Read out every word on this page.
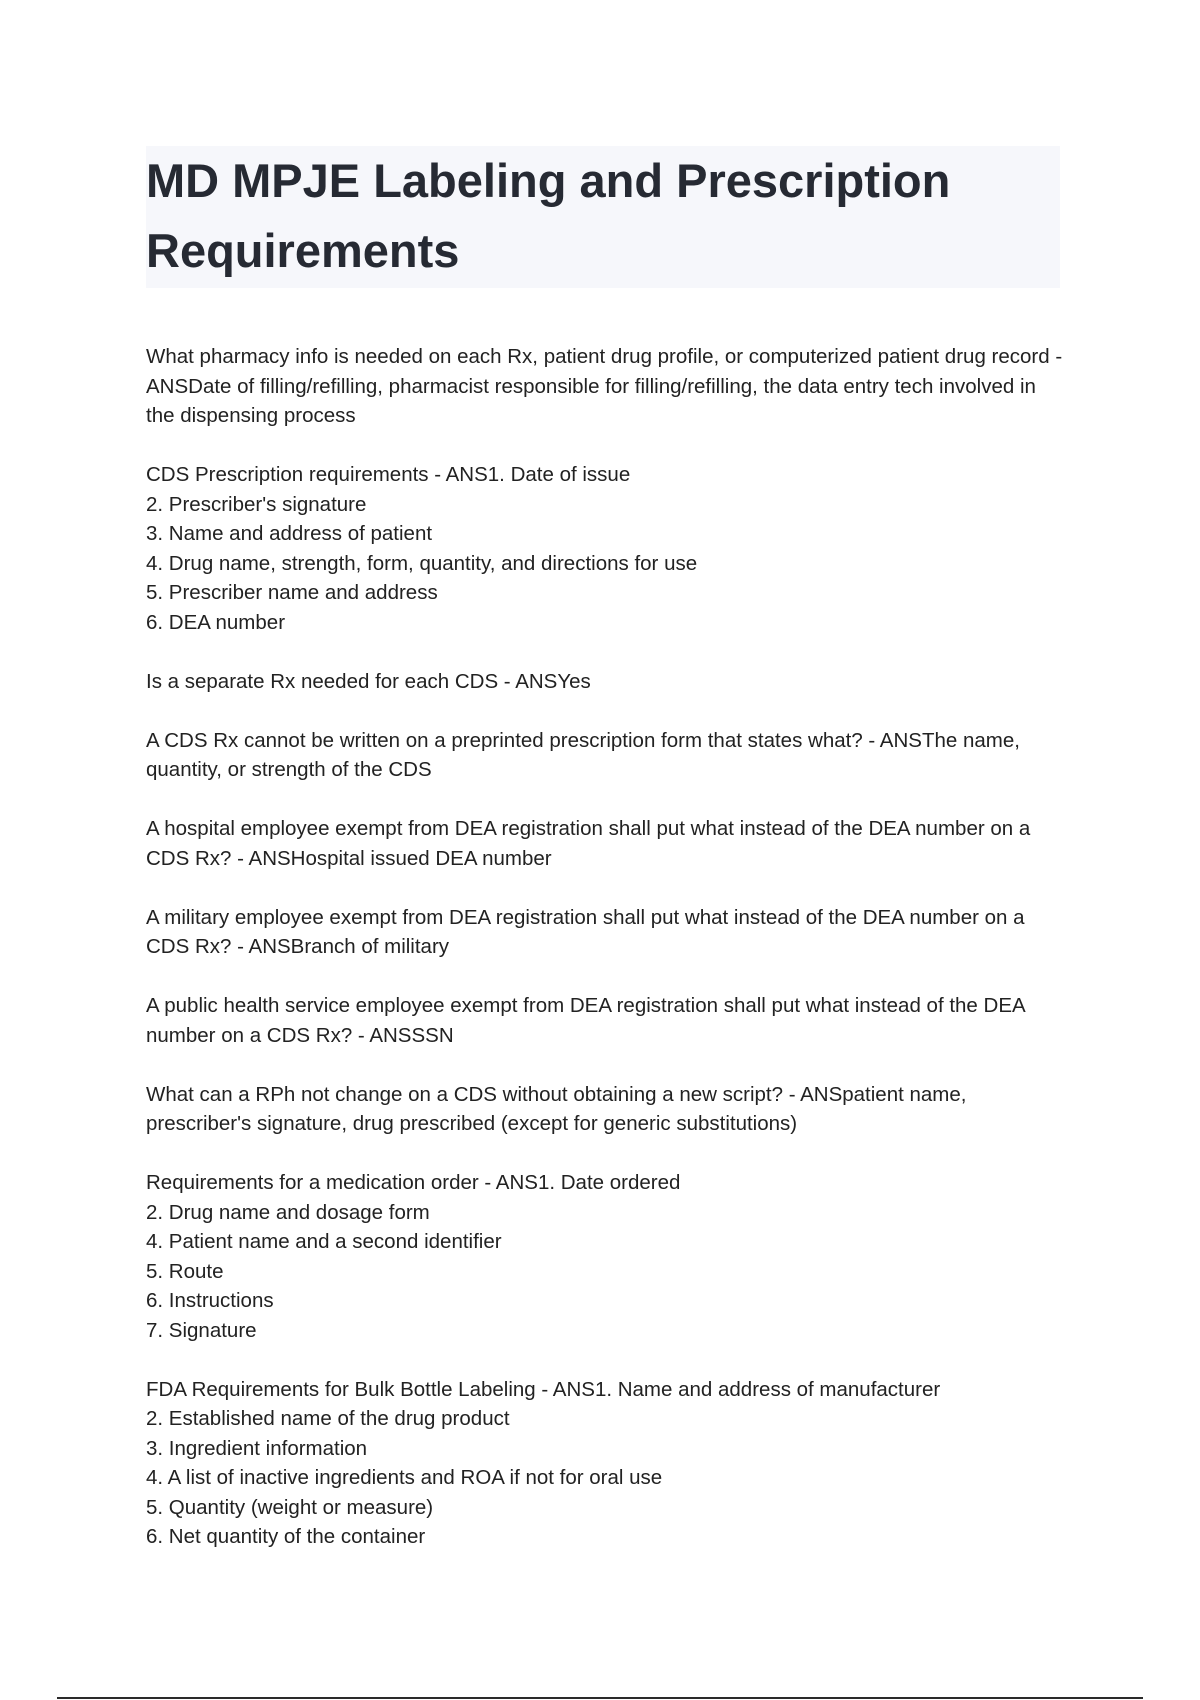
MD MPJE Labeling and Prescription Requirements
What pharmacy info is needed on each Rx, patient drug profile, or computerized patient drug record - ANSDate of filling/refilling, pharmacist responsible for filling/refilling, the data entry tech involved in the dispensing process
CDS Prescription requirements - ANS1. Date of issue
2. Prescriber's signature
3. Name and address of patient
4. Drug name, strength, form, quantity, and directions for use
5. Prescriber name and address
6. DEA number
Is a separate Rx needed for each CDS - ANSYes
A CDS Rx cannot be written on a preprinted prescription form that states what? - ANSThe name, quantity, or strength of the CDS
A hospital employee exempt from DEA registration shall put what instead of the DEA number on a CDS Rx? - ANSHospital issued DEA number
A military employee exempt from DEA registration shall put what instead of the DEA number on a CDS Rx? - ANSBranch of military
A public health service employee exempt from DEA registration shall put what instead of the DEA number on a CDS Rx? - ANSSSN
What can a RPh not change on a CDS without obtaining a new script? - ANSpatient name, prescriber's signature, drug prescribed (except for generic substitutions)
Requirements for a medication order - ANS1. Date ordered
2. Drug name and dosage form
4. Patient name and a second identifier
5. Route
6. Instructions
7. Signature
FDA Requirements for Bulk Bottle Labeling - ANS1. Name and address of manufacturer
2. Established name of the drug product
3. Ingredient information
4. A list of inactive ingredients and ROA if not for oral use
5. Quantity (weight or measure)
6. Net quantity of the container
